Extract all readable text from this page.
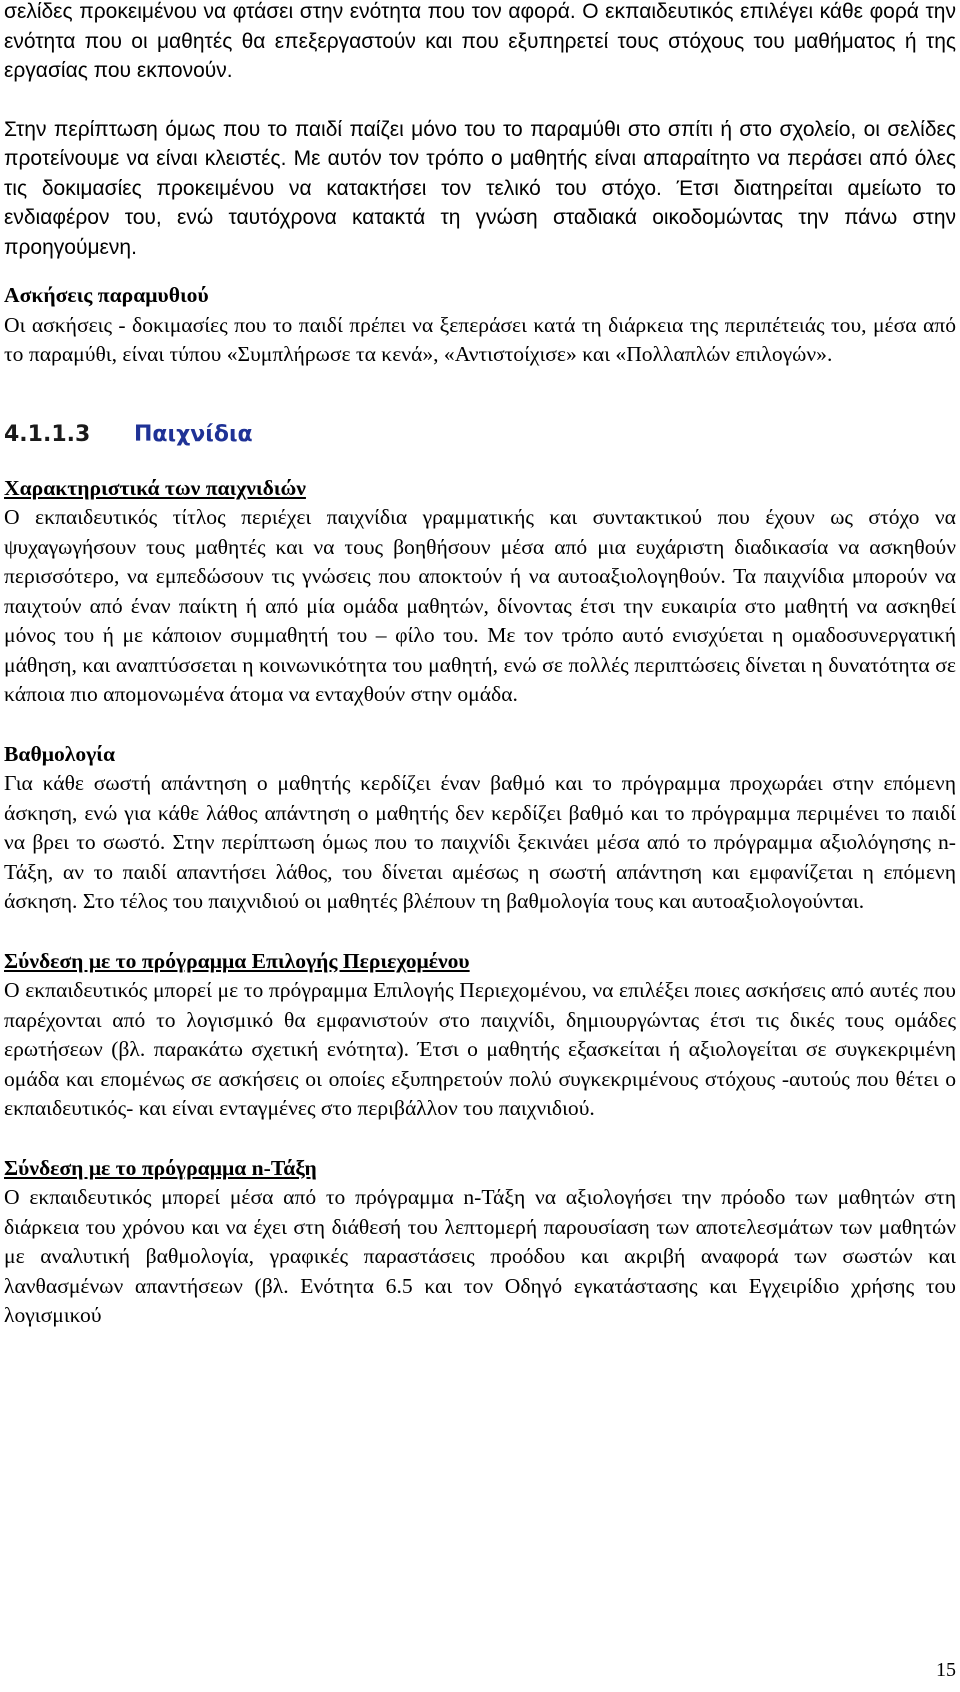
σελίδες προκειμένου να φτάσει στην ενότητα που τον αφορά. Ο εκπαιδευτικός επιλέγει κάθε φορά την ενότητα που οι μαθητές θα επεξεργαστούν και που εξυπηρετεί τους στόχους του μαθήματος ή της εργασίας που εκπονούν.

Στην περίπτωση όμως που το παιδί παίζει μόνο του το παραμύθι στο σπίτι ή στο σχολείο, οι σελίδες προτείνουμε να είναι κλειστές. Με αυτόν τον τρόπο ο μαθητής είναι απαραίτητο να περάσει από όλες τις δοκιμασίες προκειμένου να κατακτήσει τον τελικό του στόχο. Έτσι διατηρείται αμείωτο το ενδιαφέρον του, ενώ ταυτόχρονα κατακτά τη γνώση σταδιακά οικοδομώντας την πάνω στην προηγούμενη.

Ασκήσεις παραμυθιού

Οι ασκήσεις - δοκιμασίες που το παιδί πρέπει να ξεπεράσει κατά τη διάρκεια της περιπέτειάς του, μέσα από το παραμύθι, είναι τύπου «Συμπλήρωσε τα κενά», «Αντιστοίχισε» και «Πολλαπλών επιλογών».

4.1.1.3	Παιχνίδια
Χαρακτηριστικά των παιχνιδιών

Ο εκπαιδευτικός τίτλος περιέχει παιχνίδια γραμματικής και συντακτικού που έχουν ως στόχο να ψυχαγωγήσουν τους μαθητές και να τους βοηθήσουν μέσα από μια ευχάριστη διαδικασία να ασκηθούν περισσότερο, να εμπεδώσουν τις γνώσεις που αποκτούν ή να αυτοαξιολογηθούν. Τα παιχνίδια μπορούν να παιχτούν από έναν παίκτη ή από μία ομάδα μαθητών, δίνοντας έτσι την ευκαιρία στο μαθητή να ασκηθεί μόνος του ή με κάποιον συμμαθητή του – φίλο του. Με τον τρόπο αυτό ενισχύεται η ομαδοσυνεργατική μάθηση, και αναπτύσσεται η κοινωνικότητα του μαθητή, ενώ σε πολλές περιπτώσεις δίνεται η δυνατότητα σε κάποια πιο απομονωμένα άτομα να ενταχθούν στην ομάδα.

Βαθμολογία

Για κάθε σωστή απάντηση ο μαθητής κερδίζει έναν βαθμό και το πρόγραμμα προχωράει στην επόμενη άσκηση, ενώ για κάθε λάθος απάντηση ο μαθητής δεν κερδίζει βαθμό και το πρόγραμμα περιμένει το παιδί να βρει το σωστό. Στην περίπτωση όμως που το παιχνίδι ξεκινάει μέσα από το πρόγραμμα αξιολόγησης n-Τάξη, αν το παιδί απαντήσει λάθος, του δίνεται αμέσως η σωστή απάντηση και εμφανίζεται η επόμενη άσκηση. Στο τέλος του παιχνιδιού οι μαθητές βλέπουν τη βαθμολογία τους και αυτοαξιολογούνται.

Σύνδεση με το πρόγραμμα Επιλογής Περιεχομένου

Ο εκπαιδευτικός μπορεί με το πρόγραμμα Επιλογής Περιεχομένου, να επιλέξει ποιες ασκήσεις από αυτές που παρέχονται από το λογισμικό θα εμφανιστούν στο παιχνίδι, δημιουργώντας έτσι τις δικές τους ομάδες ερωτήσεων (βλ. παρακάτω σχετική ενότητα). Έτσι ο μαθητής εξασκείται ή αξιολογείται σε συγκεκριμένη ομάδα και επομένως σε ασκήσεις οι οποίες εξυπηρετούν πολύ συγκεκριμένους στόχους -αυτούς που θέτει ο εκπαιδευτικός- και είναι ενταγμένες στο περιβάλλον του παιχνιδιού.

Σύνδεση με το πρόγραμμα n-Τάξη

Ο εκπαιδευτικός μπορεί μέσα από το πρόγραμμα n-Τάξη να αξιολογήσει την πρόοδο των μαθητών στη διάρκεια του χρόνου και να έχει στη διάθεσή του λεπτομερή παρουσίαση των αποτελεσμάτων των μαθητών με αναλυτική βαθμολογία, γραφικές παραστάσεις προόδου και ακριβή αναφορά των σωστών και λανθασμένων απαντήσεων (βλ. Ενότητα 6.5 και τον Οδηγό εγκατάστασης και Εγχειρίδιο χρήσης του λογισμικού

15
